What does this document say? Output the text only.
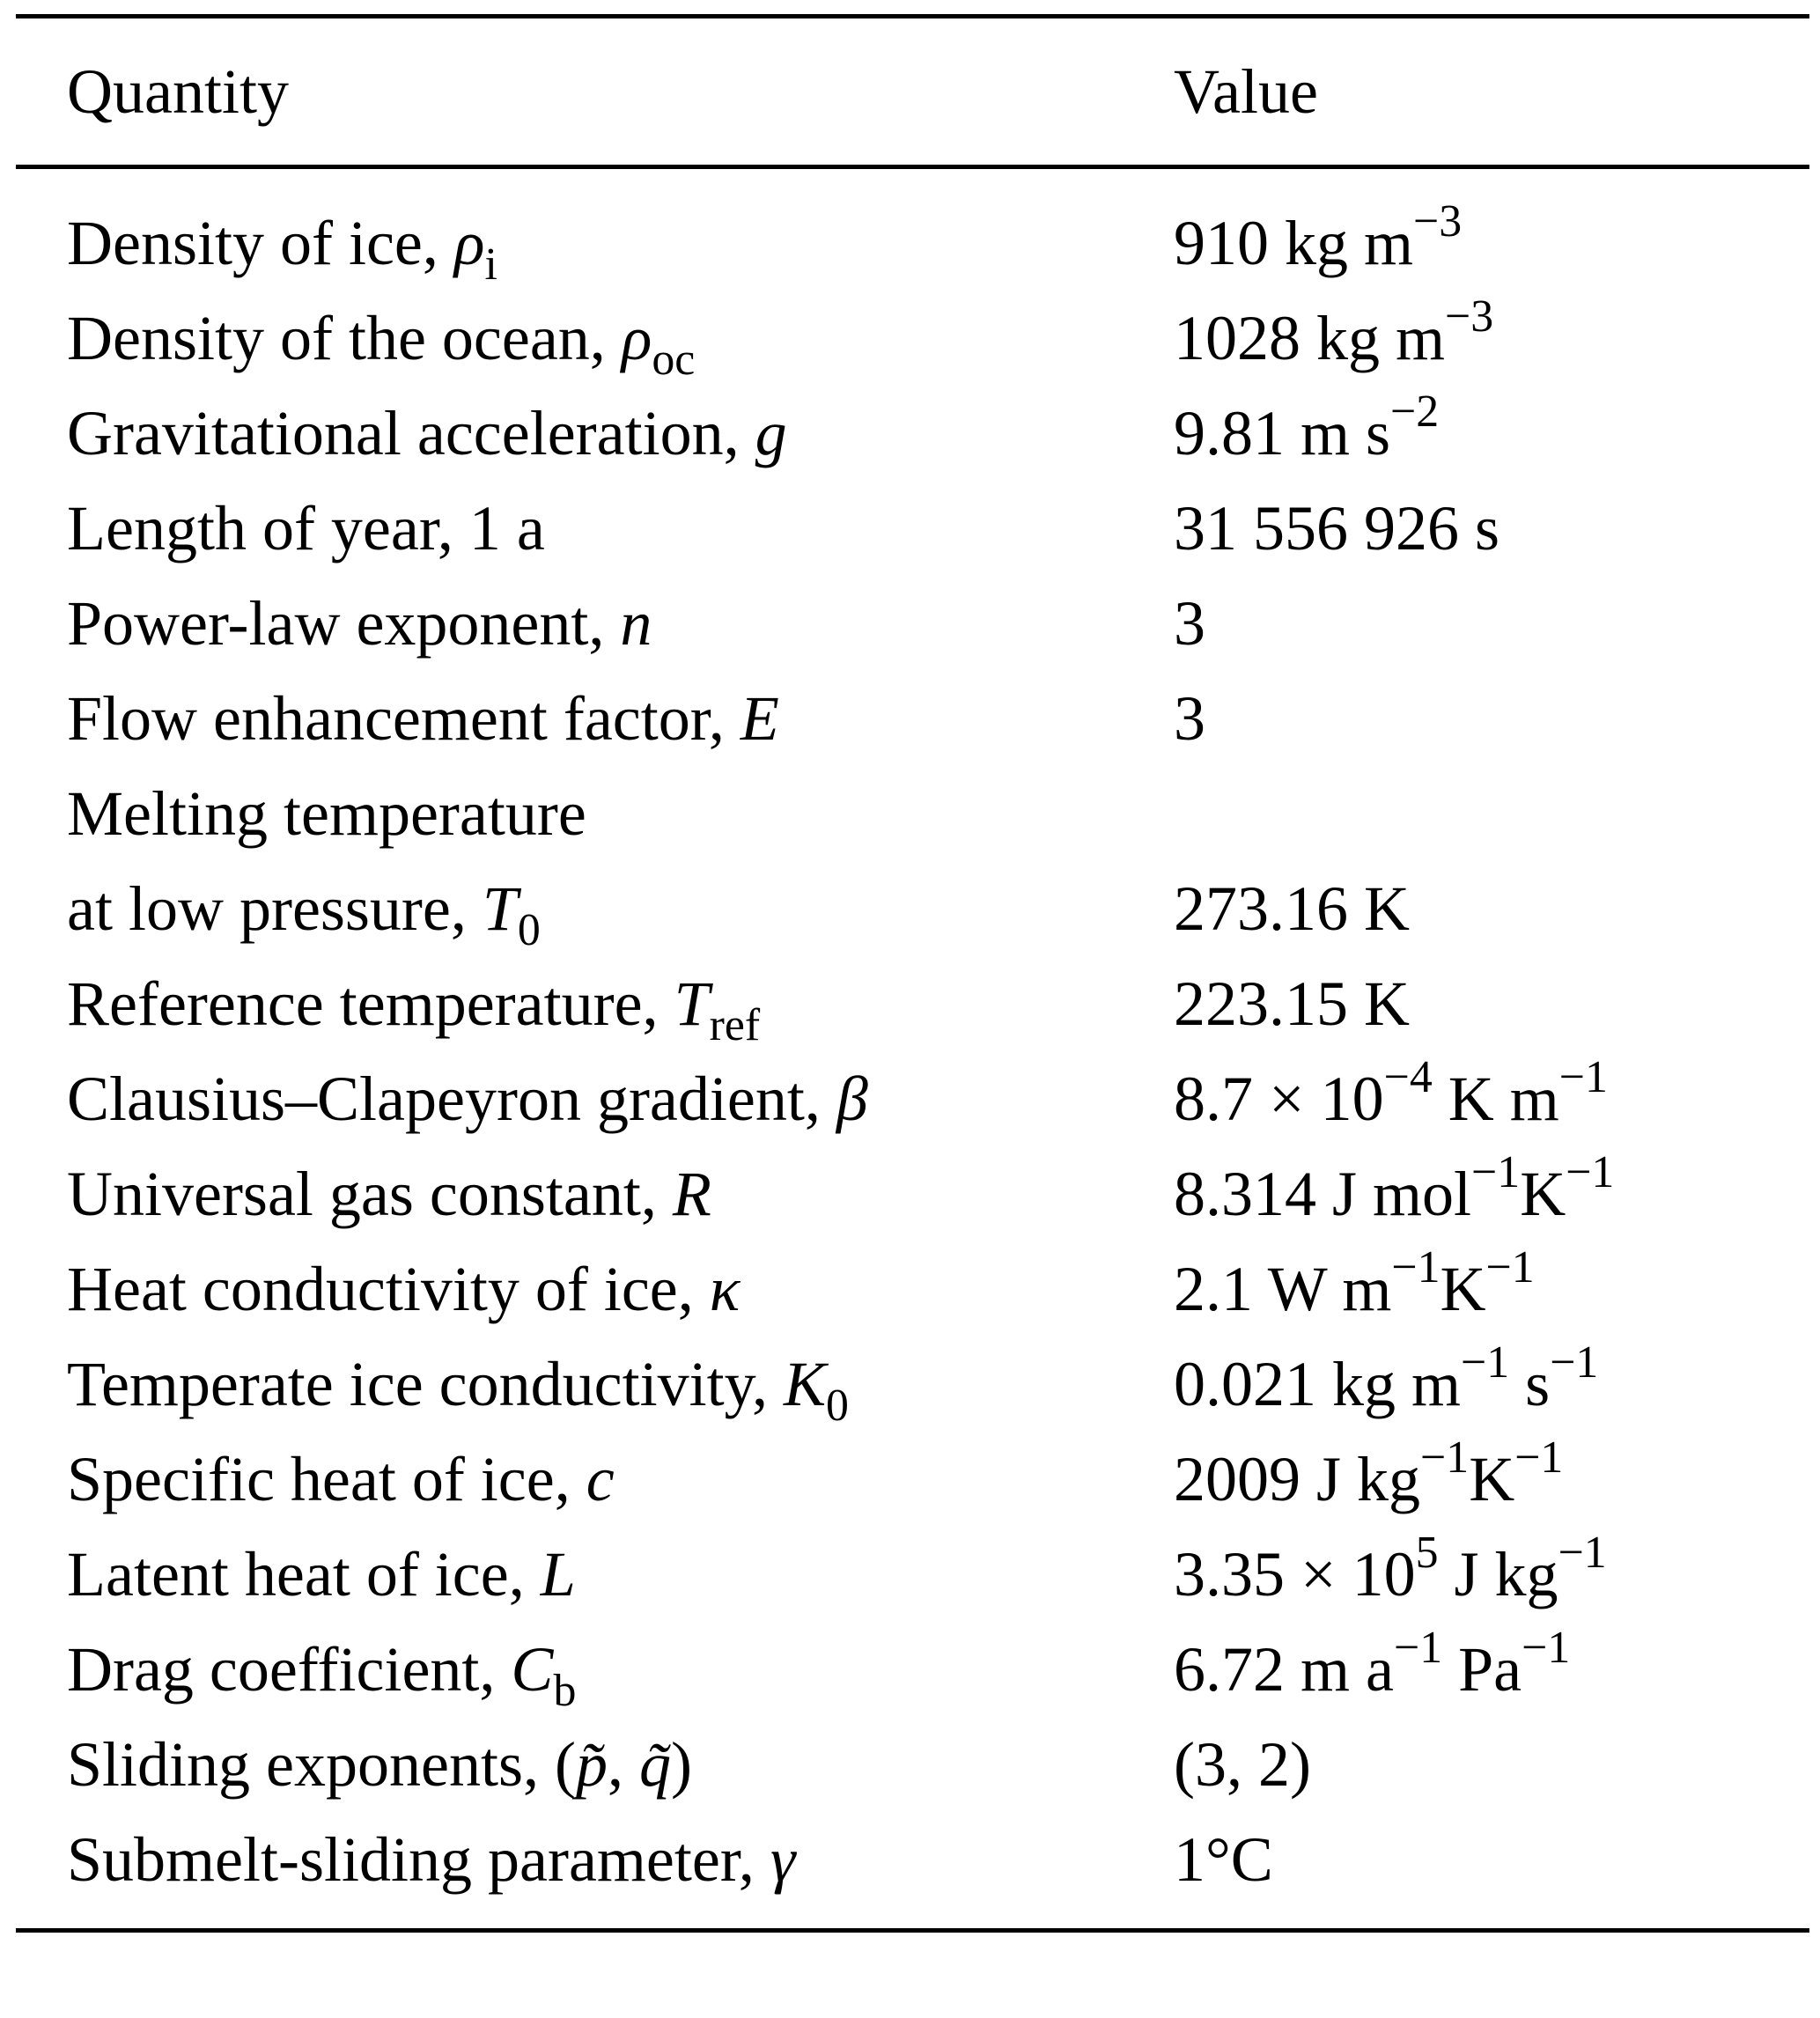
Quantity	Value
Density of ice, $\rho_i$	910 kg $m^{-3}$
Density of the ocean, $\rho_{oc}$	1028 kg $m^{-3}$
Gravitational acceleration, g	9.81 m $s^{-2}$
Length of year, 1 a	31 556 926 s
Power-law exponent, n	3
Flow enhancement factor, E	3
Melting temperature
at low pressure, $T_0$	273.16 K
Reference temperature, $T_{ref}$	223.15 K
Clausius–Clapeyron gradient, β	$8.7 \times 10^{-4}$ K $m^{-1}$
Universal gas constant, R	8.314 J $mol^{-1}K^{-1}$
Heat conductivity of ice, κ	2.1 W $m^{-1}K^{-1}$
Temperate ice conductivity, $K_0$	0.021 kg $m^{-1}$ $s^{-1}$
Specific heat of ice, c	2009 J $kg^{-1}K^{-1}$
Latent heat of ice, L	$3.35 \times 10^5$ J $kg^{-1}$
Drag coefficient, $C_b$	6.72 m $a^{-1}$ $Pa^{-1}$
Sliding exponents, (p̃, q̃)	(3, 2)
Submelt-sliding parameter, γ	1°C
